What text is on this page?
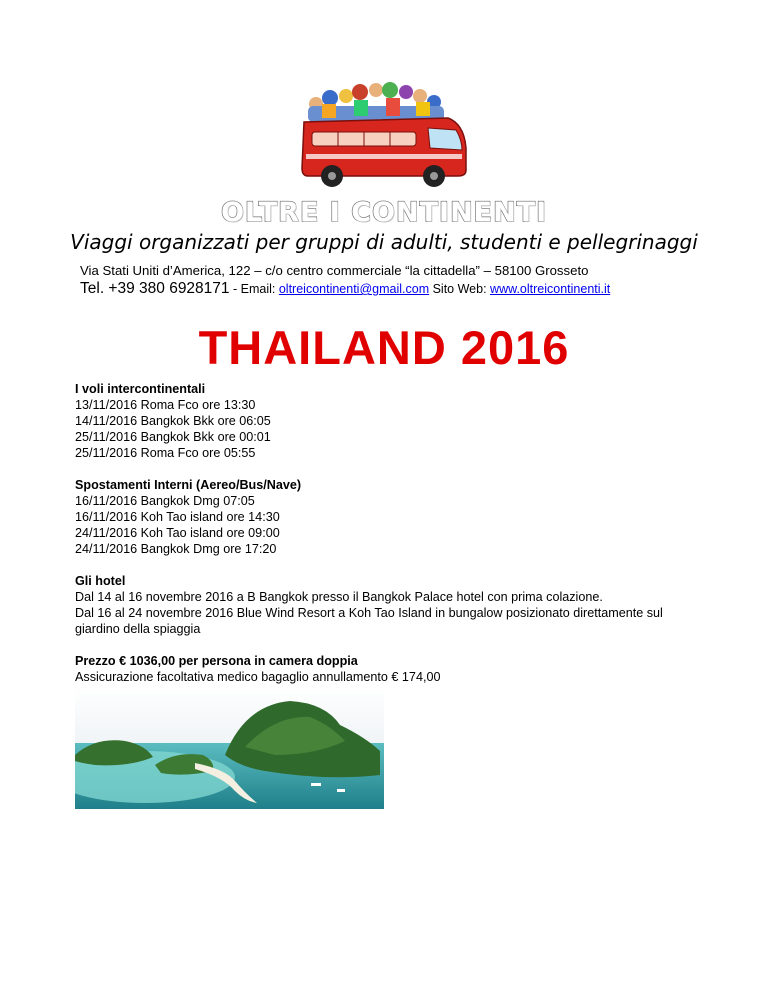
OLTRE I CONTINENTI
Viaggi organizzati per gruppi di adulti, studenti e pellegrinaggi
Via Stati Uniti d’America, 122 – c/o centro commerciale “la cittadella” – 58100 Grosseto
Tel. +39 380 6928171 - Email: oltreicontinenti@gmail.com Sito Web: www.oltreicontinenti.it
THAILAND 2016
I voli intercontinentali
13/11/2016 Roma Fco ore 13:30
14/11/2016 Bangkok Bkk ore 06:05
25/11/2016 Bangkok Bkk ore 00:01
25/11/2016 Roma Fco ore 05:55
Spostamenti Interni (Aereo/Bus/Nave)
16/11/2016 Bangkok Dmg 07:05
16/11/2016 Koh Tao island ore 14:30
24/11/2016 Koh Tao island ore 09:00
24/11/2016 Bangkok Dmg ore 17:20
Gli hotel
Dal 14 al 16 novembre 2016 a B Bangkok presso il Bangkok Palace hotel con prima colazione.
Dal 16 al 24 novembre 2016 Blue Wind Resort a Koh Tao Island in bungalow posizionato direttamente sul
giardino della spiaggia
Prezzo € 1036,00 per persona in camera doppia
Assicurazione facoltativa medico bagaglio annullamento € 174,00
